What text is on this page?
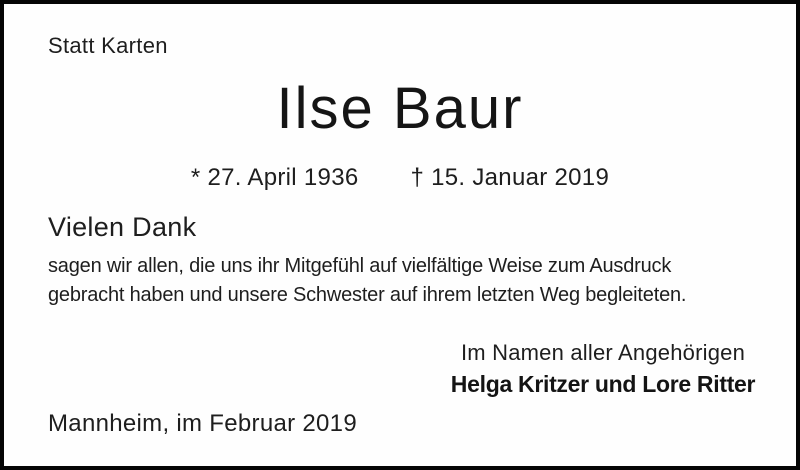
Statt Karten
Ilse Baur
* 27. April 1936 † 15. Januar 2019
Vielen Dank

sagen wir allen, die uns ihr Mitgefühl auf vielfältige Weise zum Ausdruck
gebracht haben und unsere Schwester auf ihrem letzten Weg begleiteten.

Im Namen aller Angehörigen
Helga Kritzer und Lore Ritter
Mannheim, im Februar 2019
